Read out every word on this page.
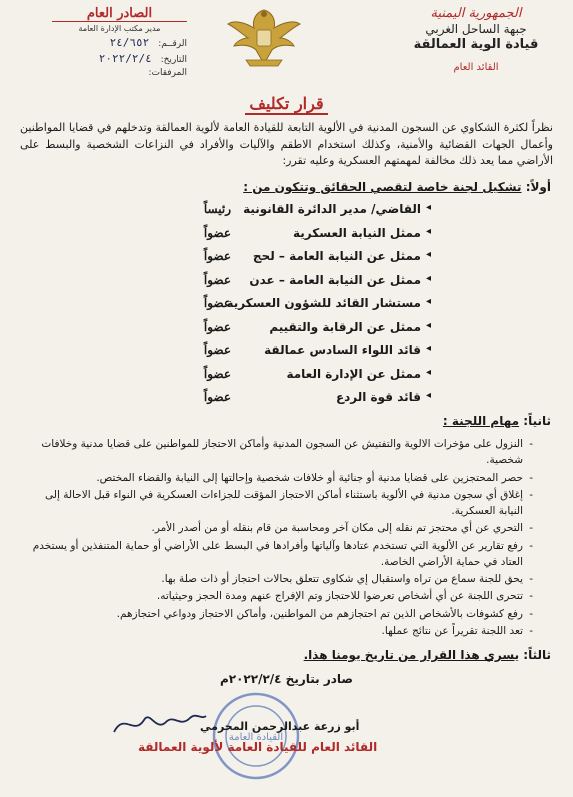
الجمهورية اليمنية
جبهة الساحل الغربي
قيادة الوية العمالقة
القائد العام
الصادر العام
مدير مكتب الإدارة العامة
الرقــم: ٢٤/٦٥٢
التاريخ: ٢٠٢٢/٢/٤
المرفقات:
قرار تكليف
نظراً لكثرة الشكاوي عن السجون المدنية في الألوية التابعة للقيادة العامة لألوية العمالقة وتدخلهم في قضايا المواطنين وأعمال الجهات القضائية والأمنية، وكذلك استخدام الاطقم والآليات والأفراد في النزاعات الشخصية والبسط على الأراضي مما يعد ذلك مخالفة لمهمتهم العسكرية وعليه تقرر:
أولاً: تشكيل لجنة خاصة لتقصي الحقائق وتتكون من :
◂
القاضي/ مدير الدائرة القانونية
رئيساً
◂
ممثل النيابة العسكرية
عضواً
◂
ممثل عن النيابة العامة – لحج
عضواً
◂
ممثل عن النيابة العامة – عدن
عضواً
◂
مستشار القائد للشؤون العسكرية
عضواً
◂
ممثل عن الرقابة والتقييم
عضواً
◂
قائد اللواء السادس عمالقة
عضواً
◂
ممثل عن الإدارة العامة
عضواً
◂
قائد قوة الردع
عضواً
ثانياً: مهام اللجنة :
- النزول على مؤخرات الالوية والتفتيش عن السجون المدنية وأماكن الاحتجاز للمواطنين على قضايا مدنية وخلافات شخصية.
- حصر المحتجزين على قضايا مدنية أو جنائية أو خلافات شخصية وإحالتها إلى النيابة والقضاء المختص.
- إغلاق أي سجون مدنية في الألوية باستثناء أماكن الاحتجاز المؤقت للجزاءات العسكرية في النواء قبل الاحالة إلى النيابة العسكرية.
- التحري عن أي محتجز تم نقله إلى مكان آخر ومحاسبة من قام بنقله أو من أصدر الأمر.
- رفع تقارير عن الألوية التي تستخدم عتادها وآلياتها وأفرادها في البسط على الأراضي أو حماية المتنفذين أو يستخدم العتاد في حماية الأراضي الخاصة.
- يحق للجنة سماع من تراه واستقبال إي شكاوى تتعلق بحالات احتجاز أو ذات صلة بها.
- تتحرى اللجنة عن أي أشخاص تعرضوا للاحتجاز وتم الإفراج عنهم ومدة الحجز وحيثياته.
- رفع كشوفات بالأشخاص الذين تم احتجازهم من المواطنين، وأماكن الاحتجاز ودواعي احتجازهم.
- تعد اللجنة تقريراً عن نتائج عملها.
ثالثاً: يسري هذا القرار من تاريخ يومنا هذا.
صادر بتاريخ ٢٠٢٢/٢/٤م
القيادة العامة
أبو زرعة عبدالرحمن المحرمي
القائد العام للقيادة العامة لألوية العمالقة
